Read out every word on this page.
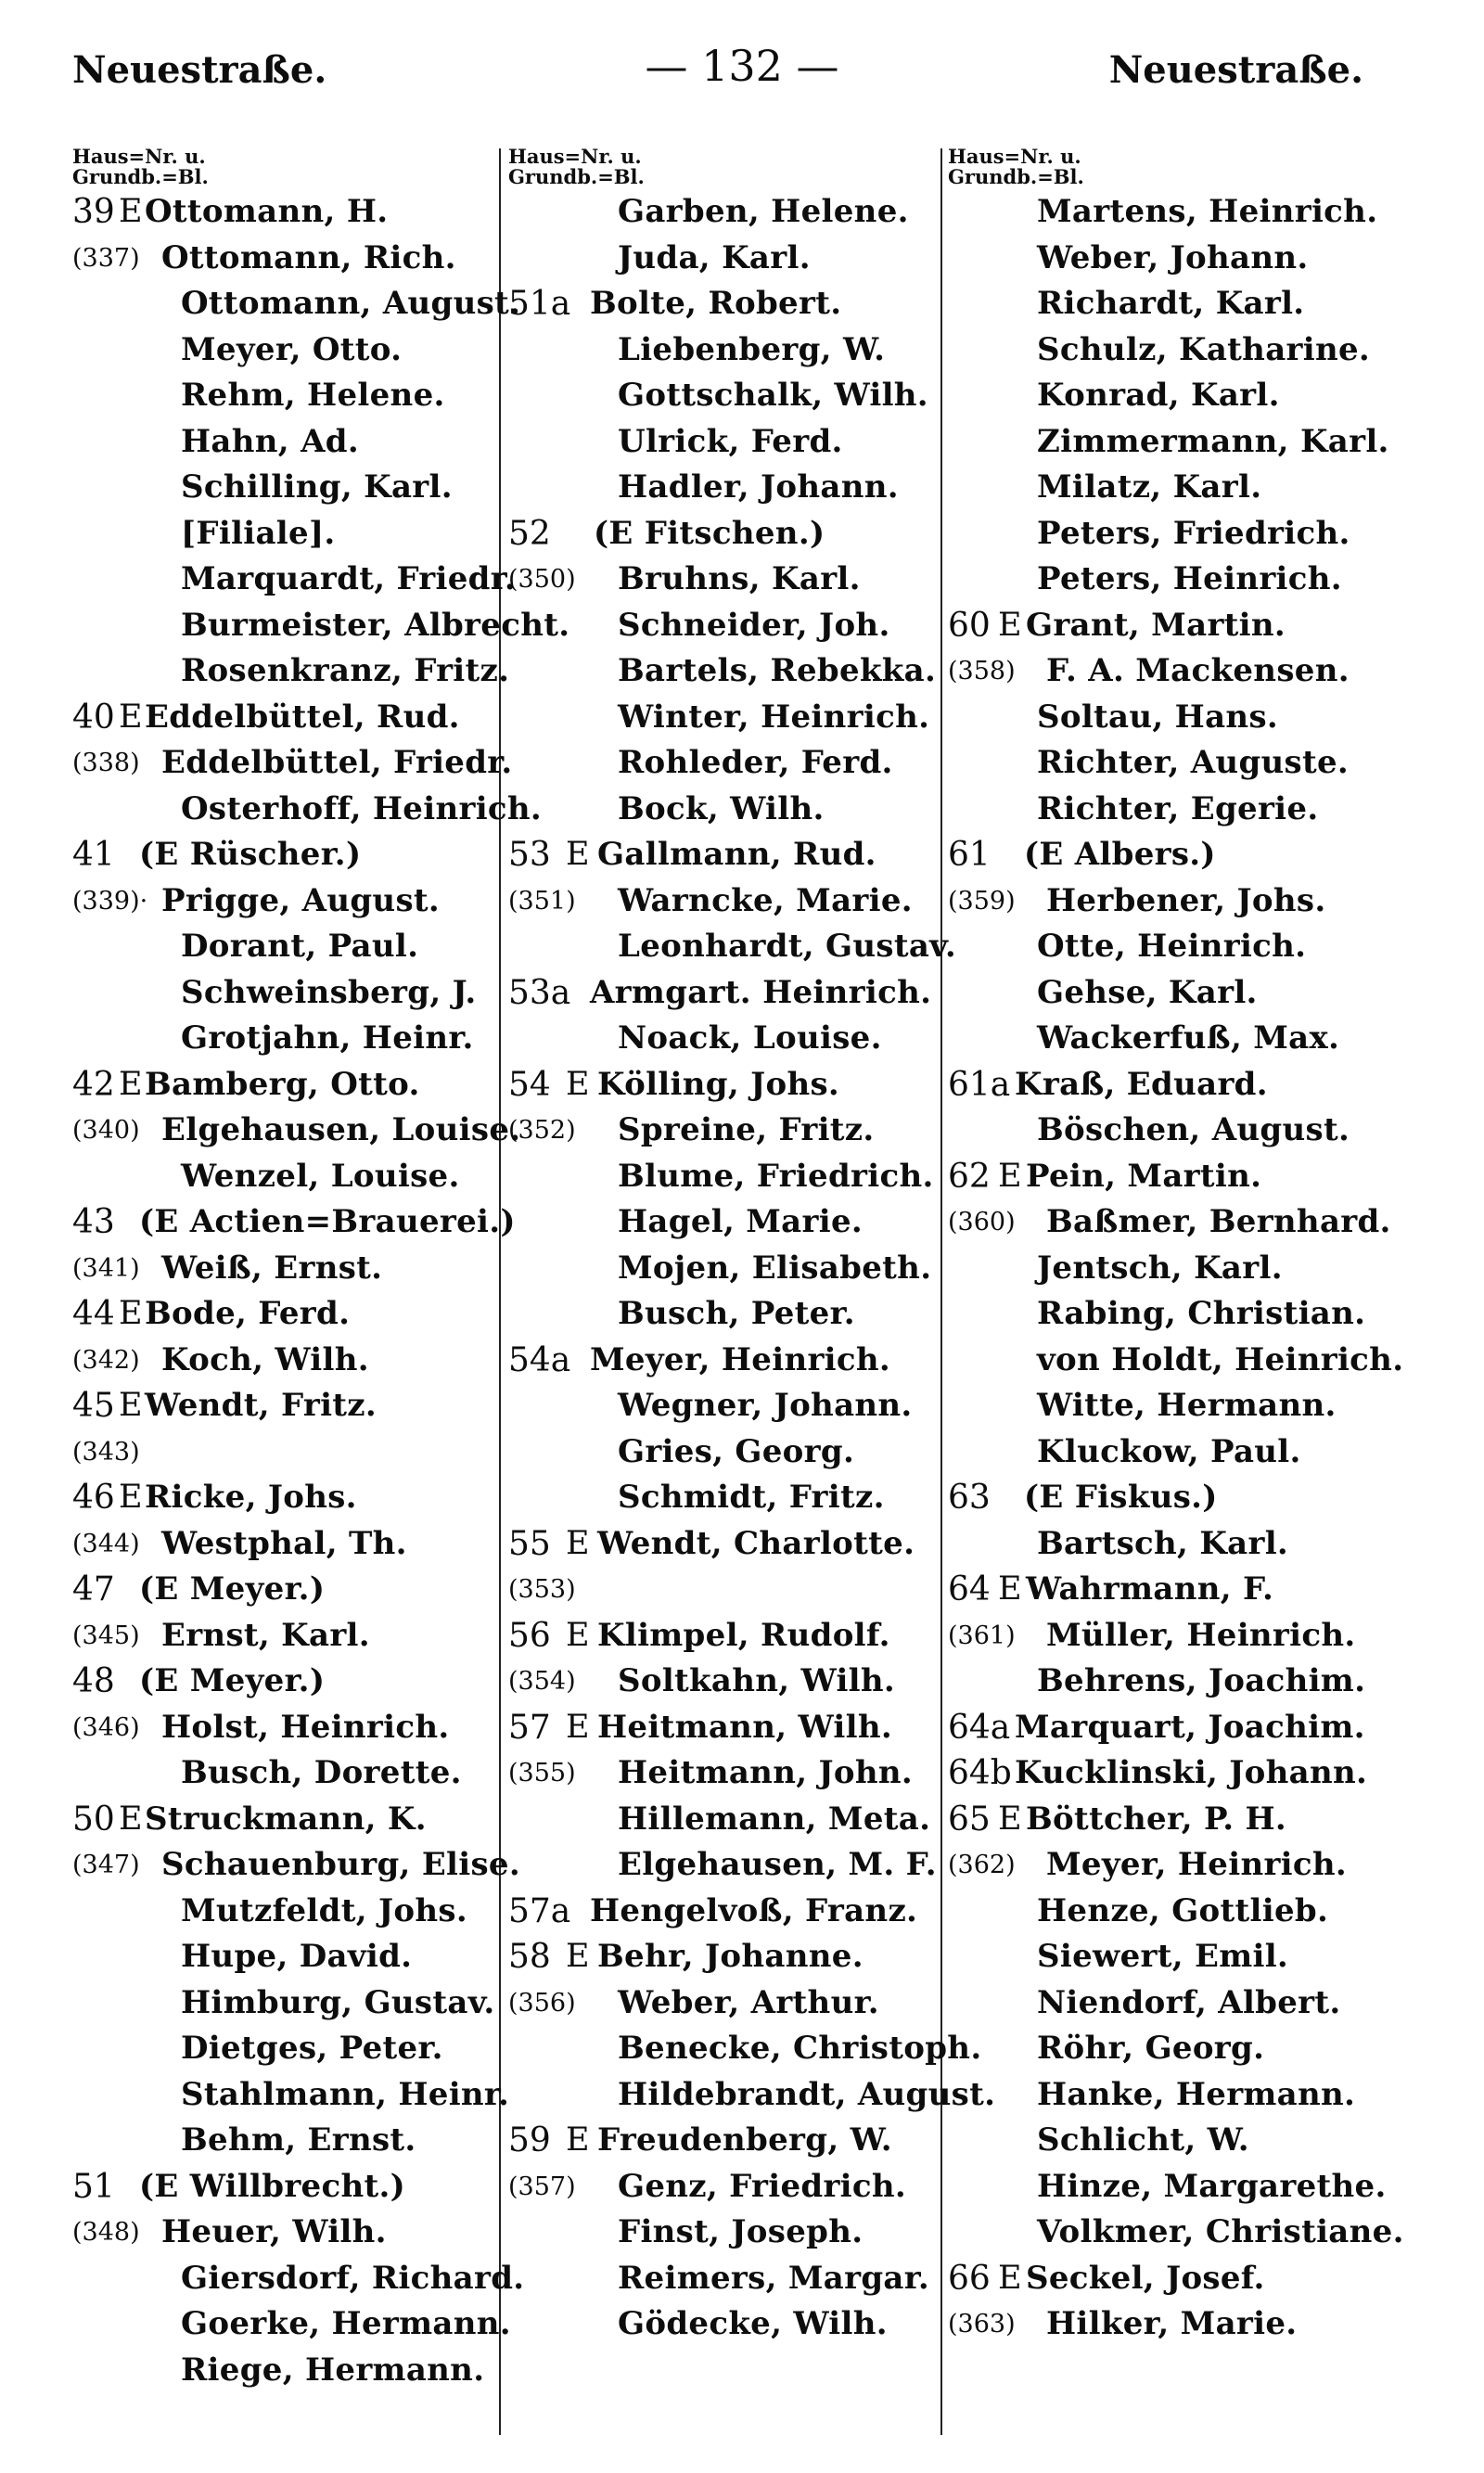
— 132 —
Neuestraße.	Neuestraße.
Haus=Nr. u.
Grundb.=Bl.
39 E Ottomann, H.
(337) Ottomann, Rich.
Ottomann, August.
Meyer, Otto.
Rehm, Helene.
Hahn, Ad.
Schilling, Karl.
[Filiale].
Marquardt, Friedr.
Burmeister, Albrecht.
Rosenkranz, Fritz.
40 E Eddelbüttel, Rud.
(338) Eddelbüttel, Friedr.
Osterhoff, Heinrich.
41 (E Rüscher.)
(339)· Prigge, August.
Dorant, Paul.
Schweinsberg, J.
Grotjahn, Heinr.
42 E Bamberg, Otto.
(340) Elgehausen, Louise.
Wenzel, Louise.
43 (E Actien=Brauerei.)
(341) Weiß, Ernst.
44 E Bode, Ferd.
(342) Koch, Wilh.
45 E Wendt, Fritz.
(343)
46 E Ricke, Johs.
(344) Westphal, Th.
47 (E Meyer.)
(345) Ernst, Karl.
48 (E Meyer.)
(346) Holst, Heinrich.
Busch, Dorette.
50 E Struckmann, K.
(347) Schauenburg, Elise.
Mutzfeldt, Johs.
Hupe, David.
Himburg, Gustav.
Dietges, Peter.
Stahlmann, Heinr.
Behm, Ernst.
51 (E Willbrecht.)
(348) Heuer, Wilh.
Giersdorf, Richard.
Goerke, Hermann.
Riege, Hermann.
Haus=Nr. u.
Grundb.=Bl.
Garben, Helene.
Juda, Karl.
51a Bolte, Robert.
Liebenberg, W.
Gottschalk, Wilh.
Ulrick, Ferd.
Hadler, Johann.
52 (E Fitschen.)
(350) Bruhns, Karl.
Schneider, Joh.
Bartels, Rebekka.
Winter, Heinrich.
Rohleder, Ferd.
Bock, Wilh.
53 E Gallmann, Rud.
(351) Warncke, Marie.
Leonhardt, Gustav.
53a Armgart. Heinrich.
Noack, Louise.
54 E Kölling, Johs.
(352) Spreine, Fritz.
Blume, Friedrich.
Hagel, Marie.
Mojen, Elisabeth.
Busch, Peter.
54a Meyer, Heinrich.
Wegner, Johann.
Gries, Georg.
Schmidt, Fritz.
55 E Wendt, Charlotte.
(353)
56 E Klimpel, Rudolf.
(354) Soltkahn, Wilh.
57 E Heitmann, Wilh.
(355) Heitmann, John.
Hillemann, Meta.
Elgehausen, M. F.
57a Hengelvoß, Franz.
58 E Behr, Johanne.
(356) Weber, Arthur.
Benecke, Christoph.
Hildebrandt, August.
59 E Freudenberg, W.
(357) Genz, Friedrich.
Finst, Joseph.
Reimers, Margar.
Gödecke, Wilh.
Haus=Nr. u.
Grundb.=Bl.
Martens, Heinrich.
Weber, Johann.
Richardt, Karl.
Schulz, Katharine.
Konrad, Karl.
Zimmermann, Karl.
Milatz, Karl.
Peters, Friedrich.
Peters, Heinrich.
60 E Grant, Martin.
(358) F. A. Mackensen.
Soltau, Hans.
Richter, Auguste.
Richter, Egerie.
61 (E Albers.)
(359) Herbener, Johs.
Otte, Heinrich.
Gehse, Karl.
Wackerfuß, Max.
61a Kraß, Eduard.
Böschen, August.
62 E Pein, Martin.
(360) Baßmer, Bernhard.
Jentsch, Karl.
Rabing, Christian.
von Holdt, Heinrich.
Witte, Hermann.
Kluckow, Paul.
63 (E Fiskus.)
Bartsch, Karl.
64 E Wahrmann, F.
(361) Müller, Heinrich.
Behrens, Joachim.
64a Marquart, Joachim.
64b Kucklinski, Johann.
65 E Böttcher, P. H.
(362) Meyer, Heinrich.
Henze, Gottlieb.
Siewert, Emil.
Niendorf, Albert.
Röhr, Georg.
Hanke, Hermann.
Schlicht, W.
Hinze, Margarethe.
Volkmer, Christiane.
66 E Seckel, Josef.
(363) Hilker, Marie.
